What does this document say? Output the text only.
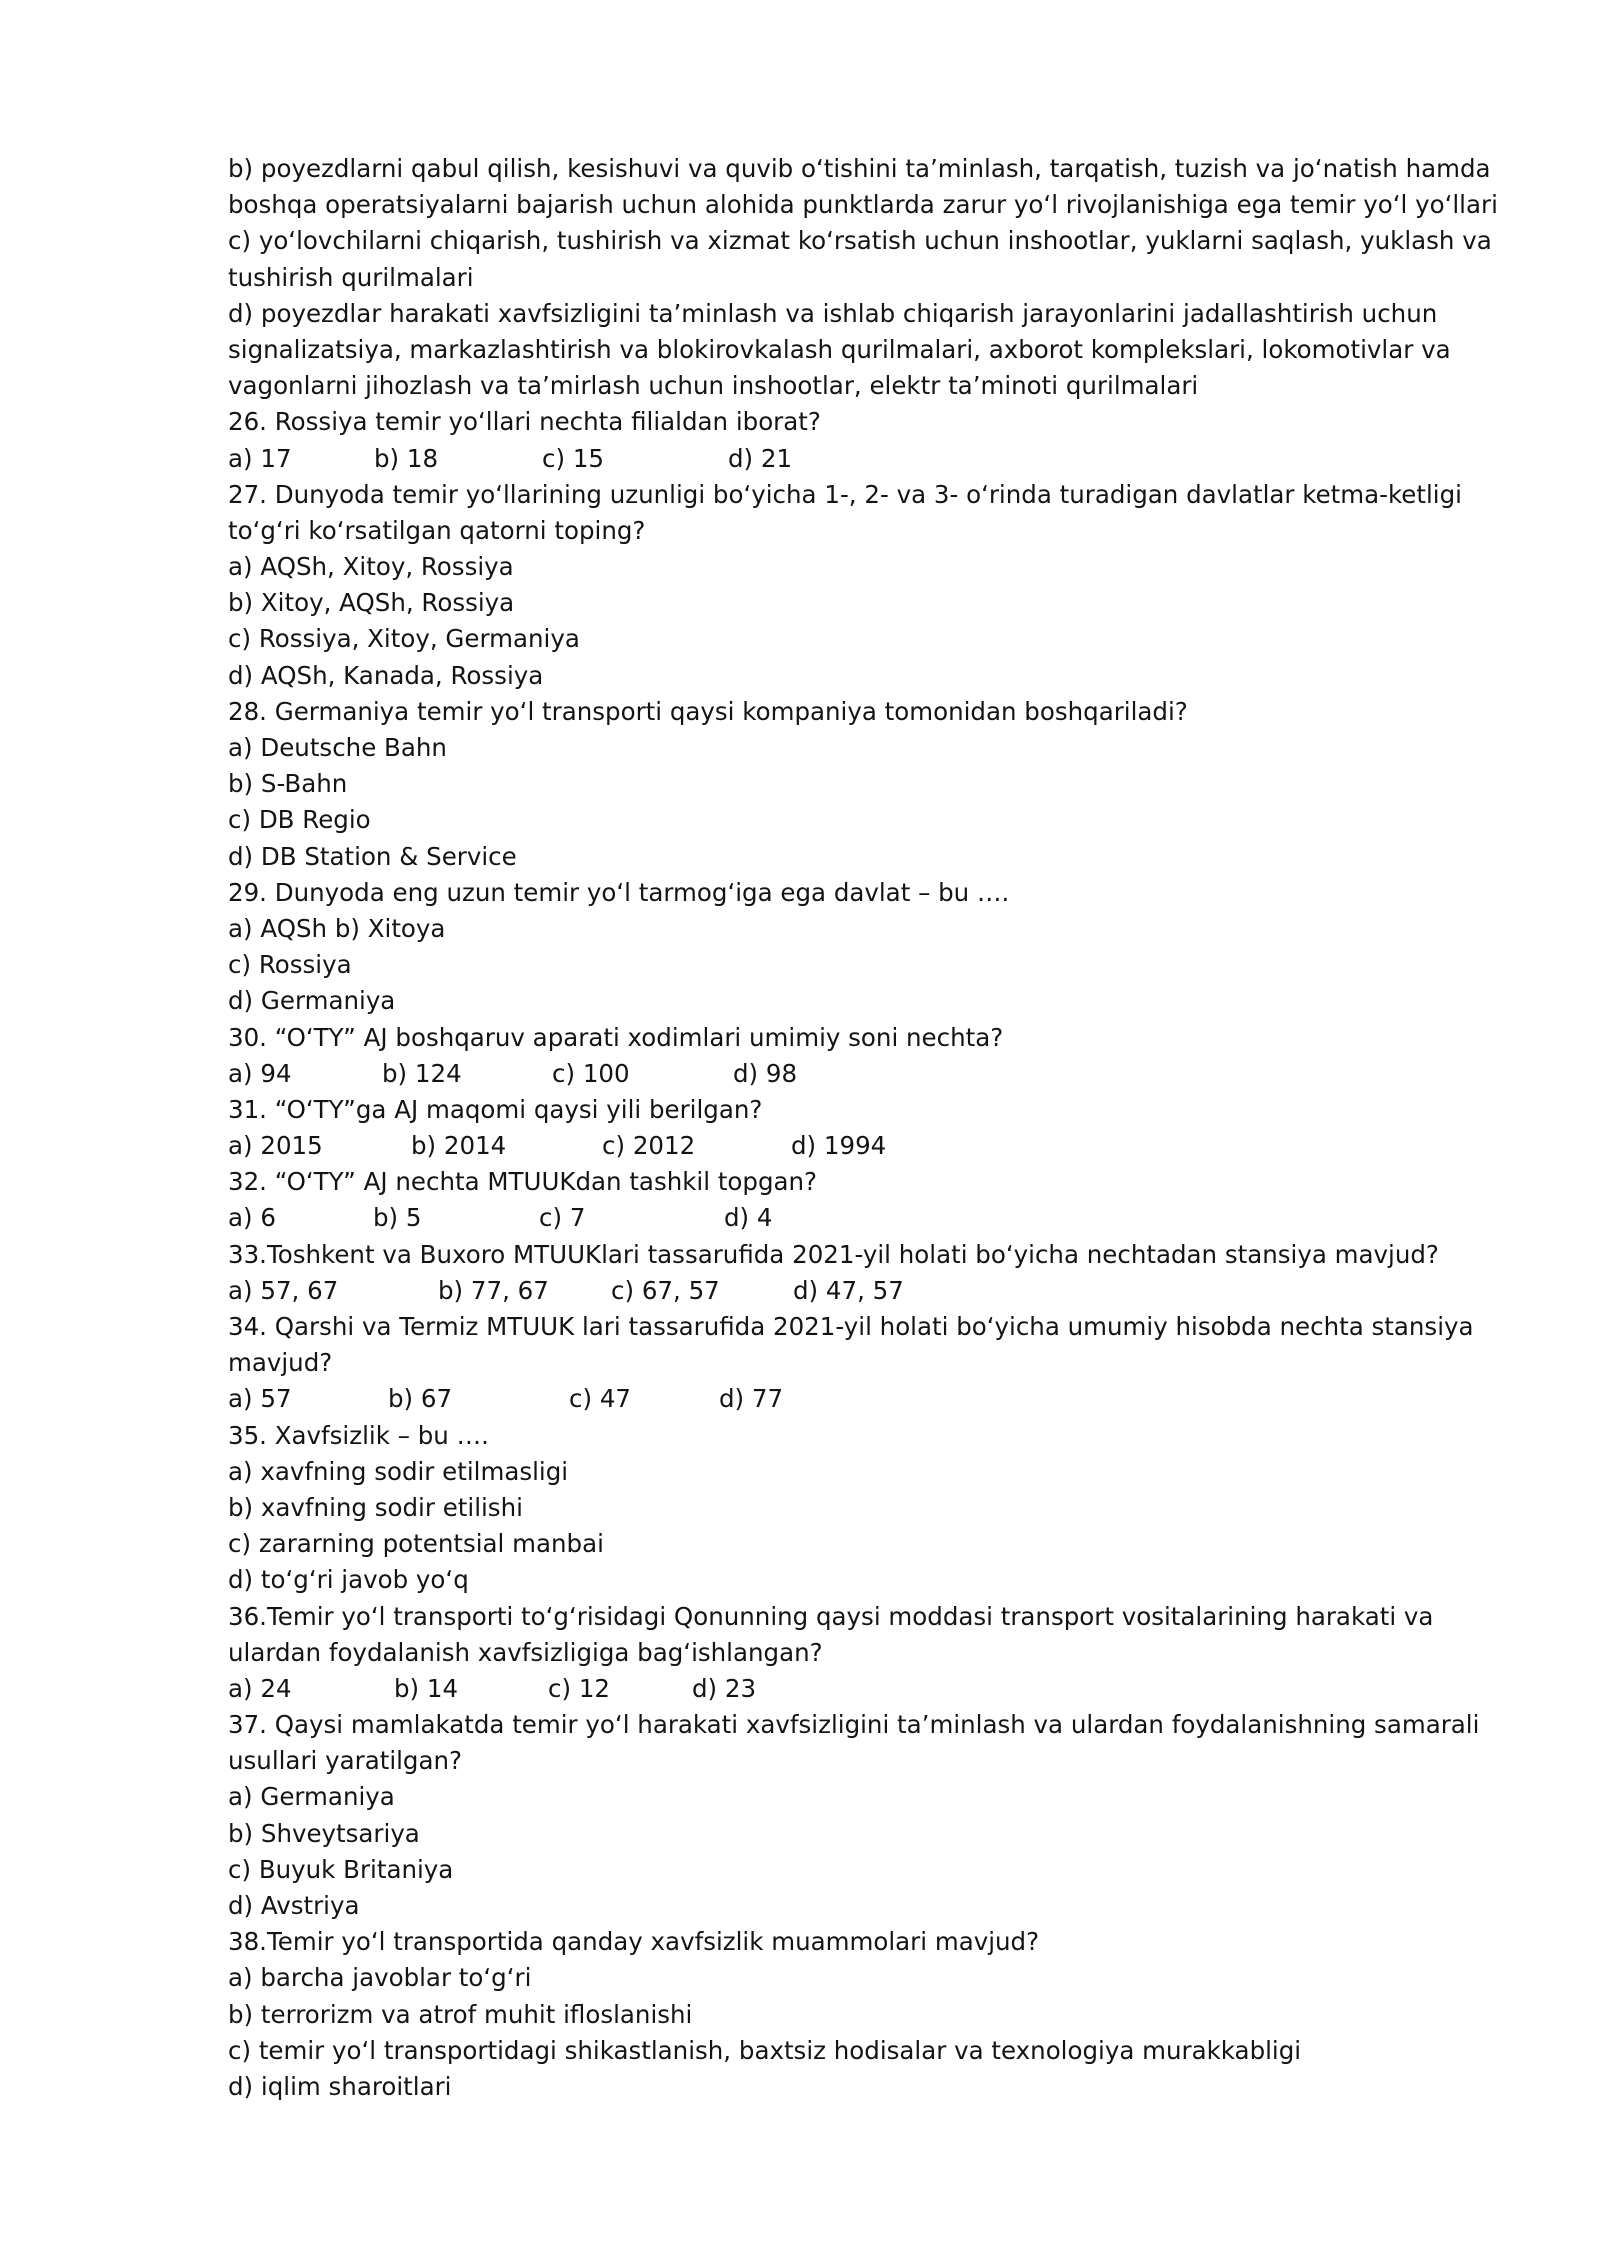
b) poyezdlarni qabul qilish, kesishuvi va quvib o‘tishini ta’minlash, tarqatish, tuzish va jo‘natish hamda
boshqa operatsiyalarni bajarish uchun alohida punktlarda zarur yo‘l rivojlanishiga ega temir yo‘l yo‘llari
c) yo‘lovchilarni chiqarish, tushirish va xizmat ko‘rsatish uchun inshootlar, yuklarni saqlash, yuklash va
tushirish qurilmalari
d) poyezdlar harakati xavfsizligini ta’minlash va ishlab chiqarish jarayonlarini jadallashtirish uchun
signalizatsiya, markazlashtirish va blokirovkalash qurilmalari, axborot komplekslari, lokomotivlar va
vagonlarni jihozlash va ta’mirlash uchun inshootlar, elektr ta’minoti qurilmalari
26. Rossiya temir yo‘llari nechta filialdan iborat?
a) 17	b) 18	c) 15	d) 21
27. Dunyoda temir yo‘llarining uzunligi bo‘yicha 1-, 2- va 3- o‘rinda turadigan davlatlar ketma-ketligi
to‘g‘ri ko‘rsatilgan qatorni toping?
a) AQSh, Xitoy, Rossiya
b) Xitoy, AQSh, Rossiya
c) Rossiya, Xitoy, Germaniya
d) AQSh, Kanada, Rossiya
28. Germaniya temir yo‘l transporti qaysi kompaniya tomonidan boshqariladi?
a) Deutsche Bahn
b) S-Bahn
c) DB Regio
d) DB Station & Service
29. Dunyoda eng uzun temir yo‘l tarmog‘iga ega davlat – bu ….
a) AQSh b) Xitoya
c) Rossiya
d) Germaniya
30. “O‘TY” AJ boshqaruv aparati xodimlari umimiy soni nechta?
a) 94	b) 124	c) 100	d) 98
31. “O‘TY”ga AJ maqomi qaysi yili berilgan?
a) 2015	b) 2014	c) 2012	d) 1994
32. “O‘TY” AJ nechta MTUUKdan tashkil topgan?
a) 6	b) 5	c) 7	d) 4
33.Toshkent va Buxoro MTUUKlari tassarufida 2021-yil holati bo‘yicha nechtadan stansiya mavjud?
a) 57, 67	b) 77, 67	c) 67, 57	d) 47, 57
34. Qarshi va Termiz MTUUK lari tassarufida 2021-yil holati bo‘yicha umumiy hisobda nechta stansiya
mavjud?
a) 57	b) 67	c) 47	d) 77
35. Xavfsizlik – bu ….
a) xavfning sodir etilmasligi
b) xavfning sodir etilishi
c) zararning potentsial manbai
d) to‘g‘ri javob yo‘q
36.Temir yo‘l transporti to‘g‘risidagi Qonunning qaysi moddasi transport vositalarining harakati va
ulardan foydalanish xavfsizligiga bag‘ishlangan?
a) 24	b) 14	c) 12	d) 23
37. Qaysi mamlakatda temir yo‘l harakati xavfsizligini ta’minlash va ulardan foydalanishning samarali
usullari yaratilgan?
a) Germaniya
b) Shveytsariya
c) Buyuk Britaniya
d) Avstriya
38.Temir yo‘l transportida qanday xavfsizlik muammolari mavjud?
a) barcha javoblar to‘g‘ri
b) terrorizm va atrof muhit ifloslanishi
c) temir yo‘l transportidagi shikastlanish, baxtsiz hodisalar va texnologiya murakkabligi
d) iqlim sharoitlari
